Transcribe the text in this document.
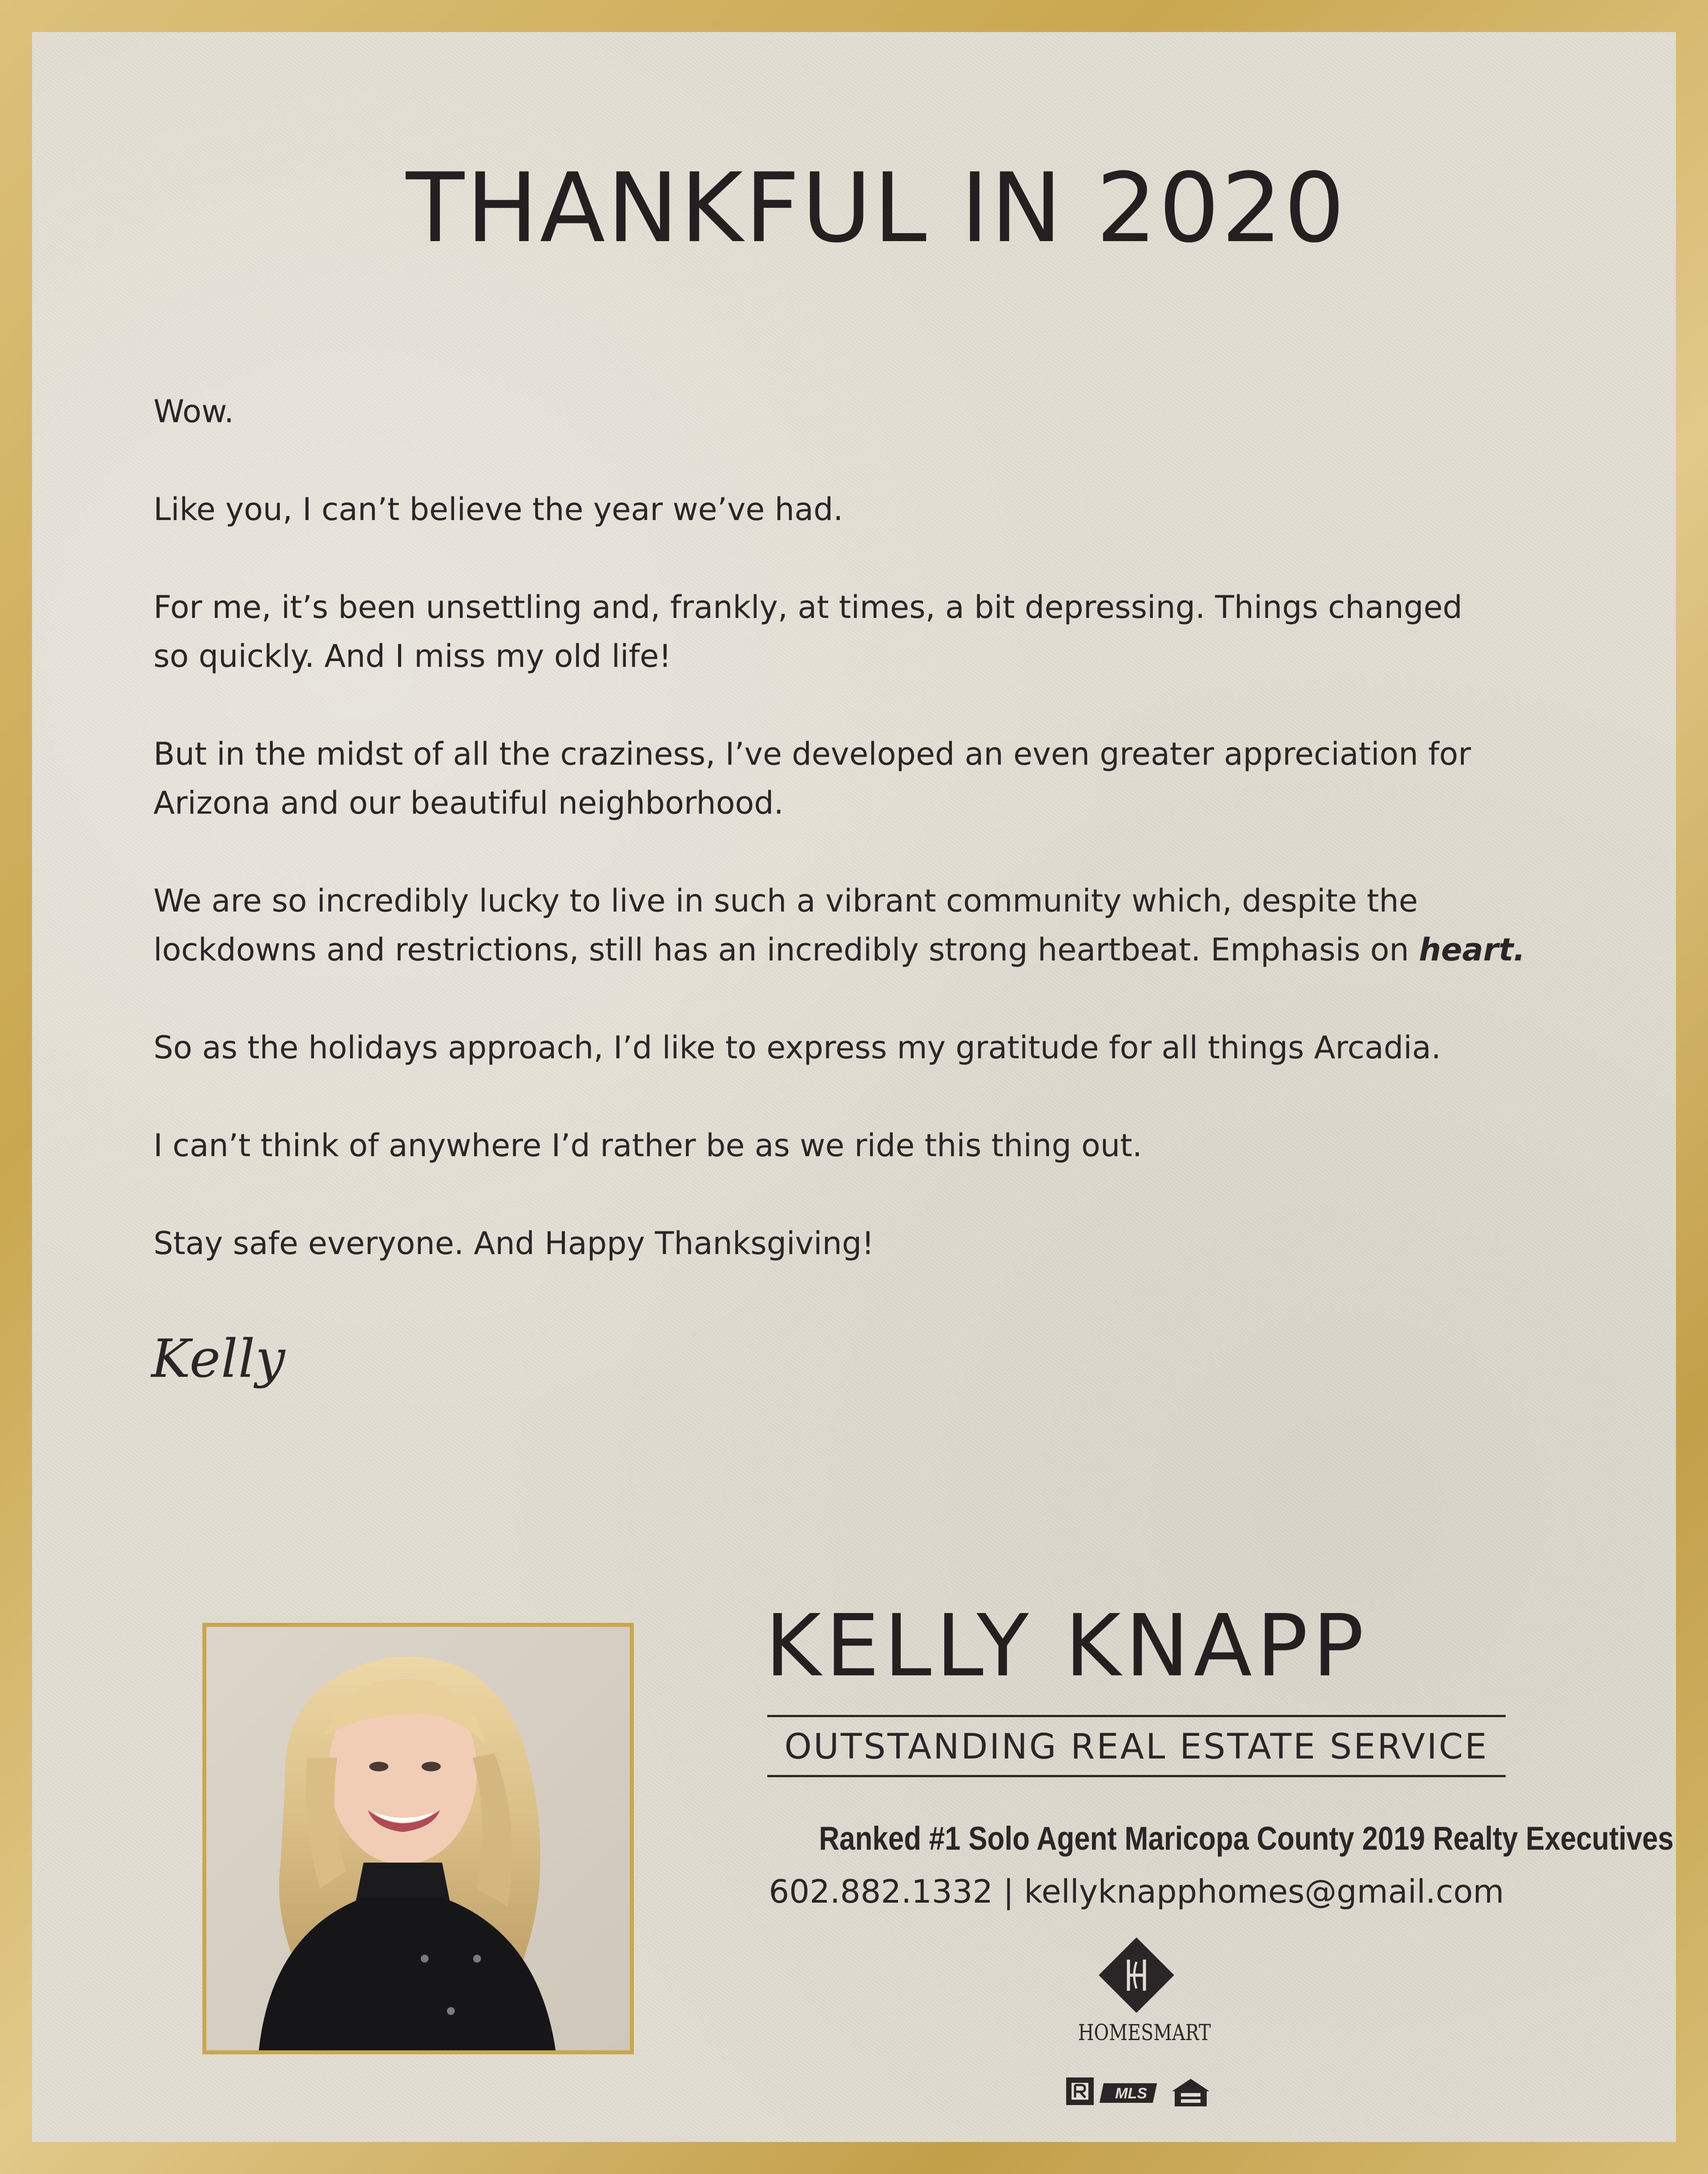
THANKFUL IN 2020

Wow.

Like you, I can’t believe the year we’ve had.

For me, it’s been unsettling and, frankly, at times, a bit depressing. Things changed
so quickly. And I miss my old life!

But in the midst of all the craziness, I’ve developed an even greater appreciation for
Arizona and our beautiful neighborhood.

We are so incredibly lucky to live in such a vibrant community which, despite the
lockdowns and restrictions, still has an incredibly strong heartbeat. Emphasis on heart.

So as the holidays approach, I’d like to express my gratitude for all things Arcadia.

I can’t think of anywhere I’d rather be as we ride this thing out.

Stay safe everyone. And Happy Thanksgiving!

Kelly
KELLY KNAPP
OUTSTANDING REAL ESTATE SERVICE
Ranked #1 Solo Agent Maricopa County 2019 Realty Executives
602.882.1332 | kellyknapphomes@gmail.com
HOMESMART
MLS
